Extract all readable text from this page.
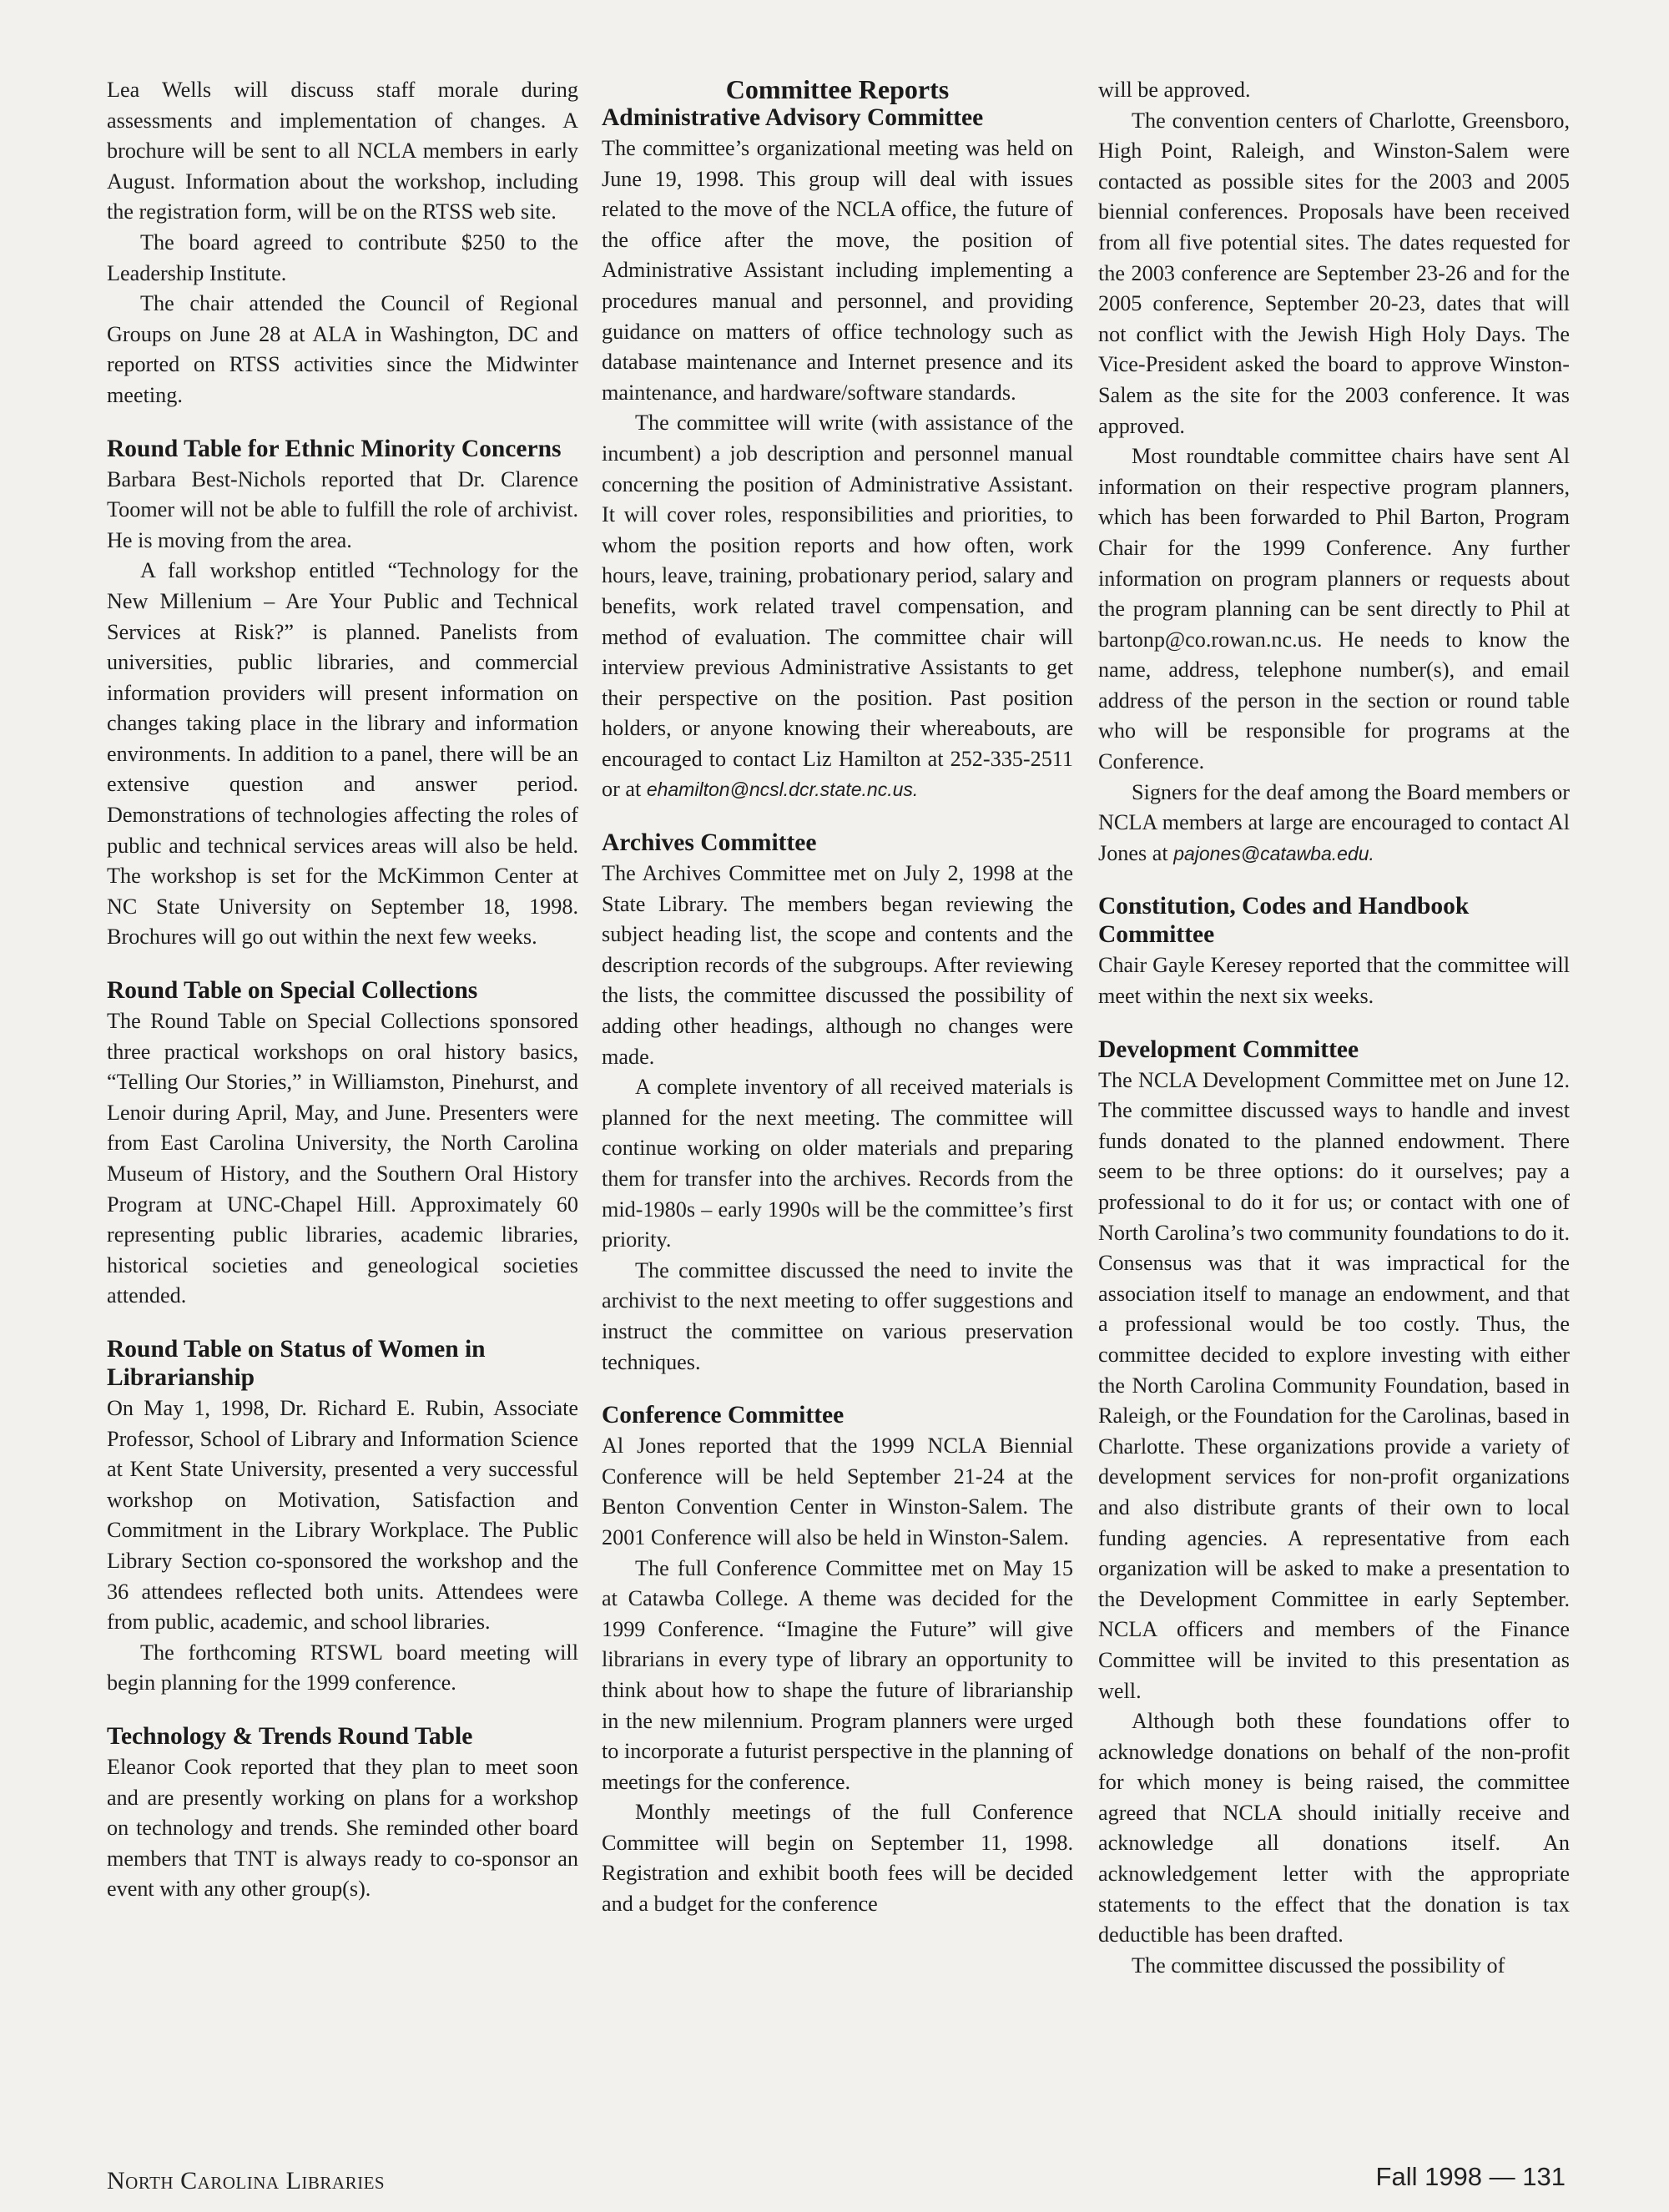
Lea Wells will discuss staff morale during assessments and implementation of changes. A brochure will be sent to all NCLA members in early August. Information about the workshop, including the registration form, will be on the RTSS web site.

The board agreed to contribute $250 to the Leadership Institute.

The chair attended the Council of Regional Groups on June 28 at ALA in Washington, DC and reported on RTSS activities since the Midwinter meeting.

Round Table for Ethnic Minority Concerns

Barbara Best-Nichols reported that Dr. Clarence Toomer will not be able to fulfill the role of archivist. He is moving from the area.

A fall workshop entitled “Technology for the New Millenium – Are Your Public and Technical Services at Risk?” is planned. Panelists from universities, public libraries, and commercial information providers will present information on changes taking place in the library and information environments. In addition to a panel, there will be an extensive question and answer period. Demonstrations of technologies affecting the roles of public and technical services areas will also be held. The workshop is set for the McKimmon Center at NC State University on September 18, 1998. Brochures will go out within the next few weeks.

Round Table on Special Collections

The Round Table on Special Collections sponsored three practical workshops on oral history basics, “Telling Our Stories,” in Williamston, Pinehurst, and Lenoir during April, May, and June. Presenters were from East Carolina University, the North Carolina Museum of History, and the Southern Oral History Program at UNC-Chapel Hill. Approximately 60 representing public libraries, academic libraries, historical societies and geneological societies attended.

Round Table on Status of Women in Librarianship

On May 1, 1998, Dr. Richard E. Rubin, Associate Professor, School of Library and Information Science at Kent State University, presented a very successful workshop on Motivation, Satisfaction and Commitment in the Library Workplace. The Public Library Section co-sponsored the workshop and the 36 attendees reflected both units. Attendees were from public, academic, and school libraries.

The forthcoming RTSWL board meeting will begin planning for the 1999 conference.

Technology & Trends Round Table

Eleanor Cook reported that they plan to meet soon and are presently working on plans for a workshop on technology and trends. She reminded other board members that TNT is always ready to co-sponsor an event with any other group(s).

Committee Reports
Administrative Advisory Committee

The committee’s organizational meeting was held on June 19, 1998. This group will deal with issues related to the move of the NCLA office, the future of the office after the move, the position of Administrative Assistant including implementing a procedures manual and personnel, and providing guidance on matters of office technology such as database maintenance and Internet presence and its maintenance, and hardware/software standards.

The committee will write (with assistance of the incumbent) a job description and personnel manual concerning the position of Administrative Assistant. It will cover roles, responsibilities and priorities, to whom the position reports and how often, work hours, leave, training, probationary period, salary and benefits, work related travel compensation, and method of evaluation. The committee chair will interview previous Administrative Assistants to get their perspective on the position. Past position holders, or anyone knowing their whereabouts, are encouraged to contact Liz Hamilton at 252-335-2511 or at ehamilton@ncsl.dcr.state.nc.us.

Archives Committee

The Archives Committee met on July 2, 1998 at the State Library. The members began reviewing the subject heading list, the scope and contents and the description records of the subgroups. After reviewing the lists, the committee discussed the possibility of adding other headings, although no changes were made.

A complete inventory of all received materials is planned for the next meeting. The committee will continue working on older materials and preparing them for transfer into the archives. Records from the mid-1980s – early 1990s will be the committee’s first priority.

The committee discussed the need to invite the archivist to the next meeting to offer suggestions and instruct the committee on various preservation techniques.

Conference Committee

Al Jones reported that the 1999 NCLA Biennial Conference will be held September 21-24 at the Benton Convention Center in Winston-Salem. The 2001 Conference will also be held in Winston-Salem.

The full Conference Committee met on May 15 at Catawba College. A theme was decided for the 1999 Conference. “Imagine the Future” will give librarians in every type of library an opportunity to think about how to shape the future of librarianship in the new milennium. Program planners were urged to incorporate a futurist perspective in the planning of meetings for the conference.

Monthly meetings of the full Conference Committee will begin on September 11, 1998. Registration and exhibit booth fees will be decided and a budget for the conference

will be approved.

The convention centers of Charlotte, Greensboro, High Point, Raleigh, and Winston-Salem were contacted as possible sites for the 2003 and 2005 biennial conferences. Proposals have been received from all five potential sites. The dates requested for the 2003 conference are September 23-26 and for the 2005 conference, September 20-23, dates that will not conflict with the Jewish High Holy Days. The Vice-President asked the board to approve Winston-Salem as the site for the 2003 conference. It was approved.

Most roundtable committee chairs have sent Al information on their respective program planners, which has been forwarded to Phil Barton, Program Chair for the 1999 Conference. Any further information on program planners or requests about the program planning can be sent directly to Phil at bartonp@co.rowan.nc.us. He needs to know the name, address, telephone number(s), and email address of the person in the section or round table who will be responsible for programs at the Conference.

Signers for the deaf among the Board members or NCLA members at large are encouraged to contact Al Jones at pajones@catawba.edu.

Constitution, Codes and Handbook Committee

Chair Gayle Keresey reported that the committee will meet within the next six weeks.

Development Committee

The NCLA Development Committee met on June 12. The committee discussed ways to handle and invest funds donated to the planned endowment. There seem to be three options: do it ourselves; pay a professional to do it for us; or contact with one of North Carolina’s two community foundations to do it. Consensus was that it was impractical for the association itself to manage an endowment, and that a professional would be too costly. Thus, the committee decided to explore investing with either the North Carolina Community Foundation, based in Raleigh, or the Foundation for the Carolinas, based in Charlotte. These organizations provide a variety of development services for non-profit organizations and also distribute grants of their own to local funding agencies. A representative from each organization will be asked to make a presentation to the Development Committee in early September. NCLA officers and members of the Finance Committee will be invited to this presentation as well.

Although both these foundations offer to acknowledge donations on behalf of the non-profit for which money is being raised, the committee agreed that NCLA should initially receive and acknowledge all donations itself. An acknowledgement letter with the appropriate statements to the effect that the donation is tax deductible has been drafted.

The committee discussed the possibility of

North Carolina Libraries	Fall 1998 — 131
